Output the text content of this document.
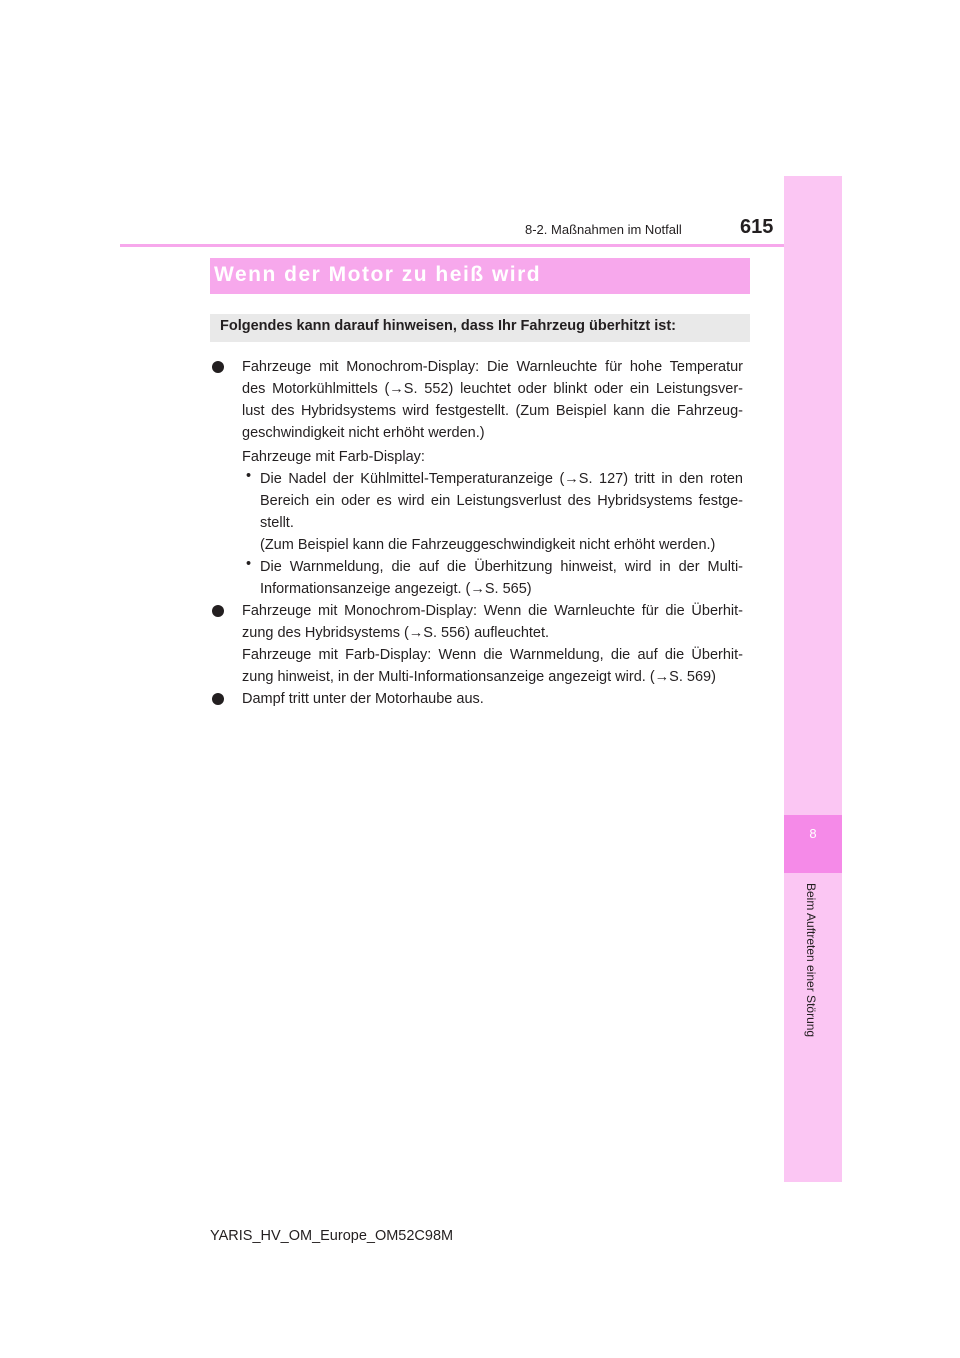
8-2. Maßnahmen im Notfall	615
8
Beim Auftreten einer Störung
Wenn der Motor zu heiß wird
Folgendes kann darauf hinweisen, dass Ihr Fahrzeug überhitzt ist:
Fahrzeuge mit Monochrom-Display: Die Warnleuchte für hohe Temperatur
des Motorkühlmittels (→S. 552) leuchtet oder blinkt oder ein Leistungsver-
lust des Hybridsystems wird festgestellt. (Zum Beispiel kann die Fahrzeug-
geschwindigkeit nicht erhöht werden.)
Fahrzeuge mit Farb-Display:
• Die Nadel der Kühlmittel-Temperaturanzeige (→S. 127) tritt in den roten
Bereich ein oder es wird ein Leistungsverlust des Hybridsystems festge-
stellt.
(Zum Beispiel kann die Fahrzeuggeschwindigkeit nicht erhöht werden.)
• Die Warnmeldung, die auf die Überhitzung hinweist, wird in der Multi-
Informationsanzeige angezeigt. (→S. 565)
Fahrzeuge mit Monochrom-Display: Wenn die Warnleuchte für die Überhit-
zung des Hybridsystems (→S. 556) aufleuchtet.
Fahrzeuge mit Farb-Display: Wenn die Warnmeldung, die auf die Überhit-
zung hinweist, in der Multi-Informationsanzeige angezeigt wird. (→S. 569)
Dampf tritt unter der Motorhaube aus.
YARIS_HV_OM_Europe_OM52C98M
